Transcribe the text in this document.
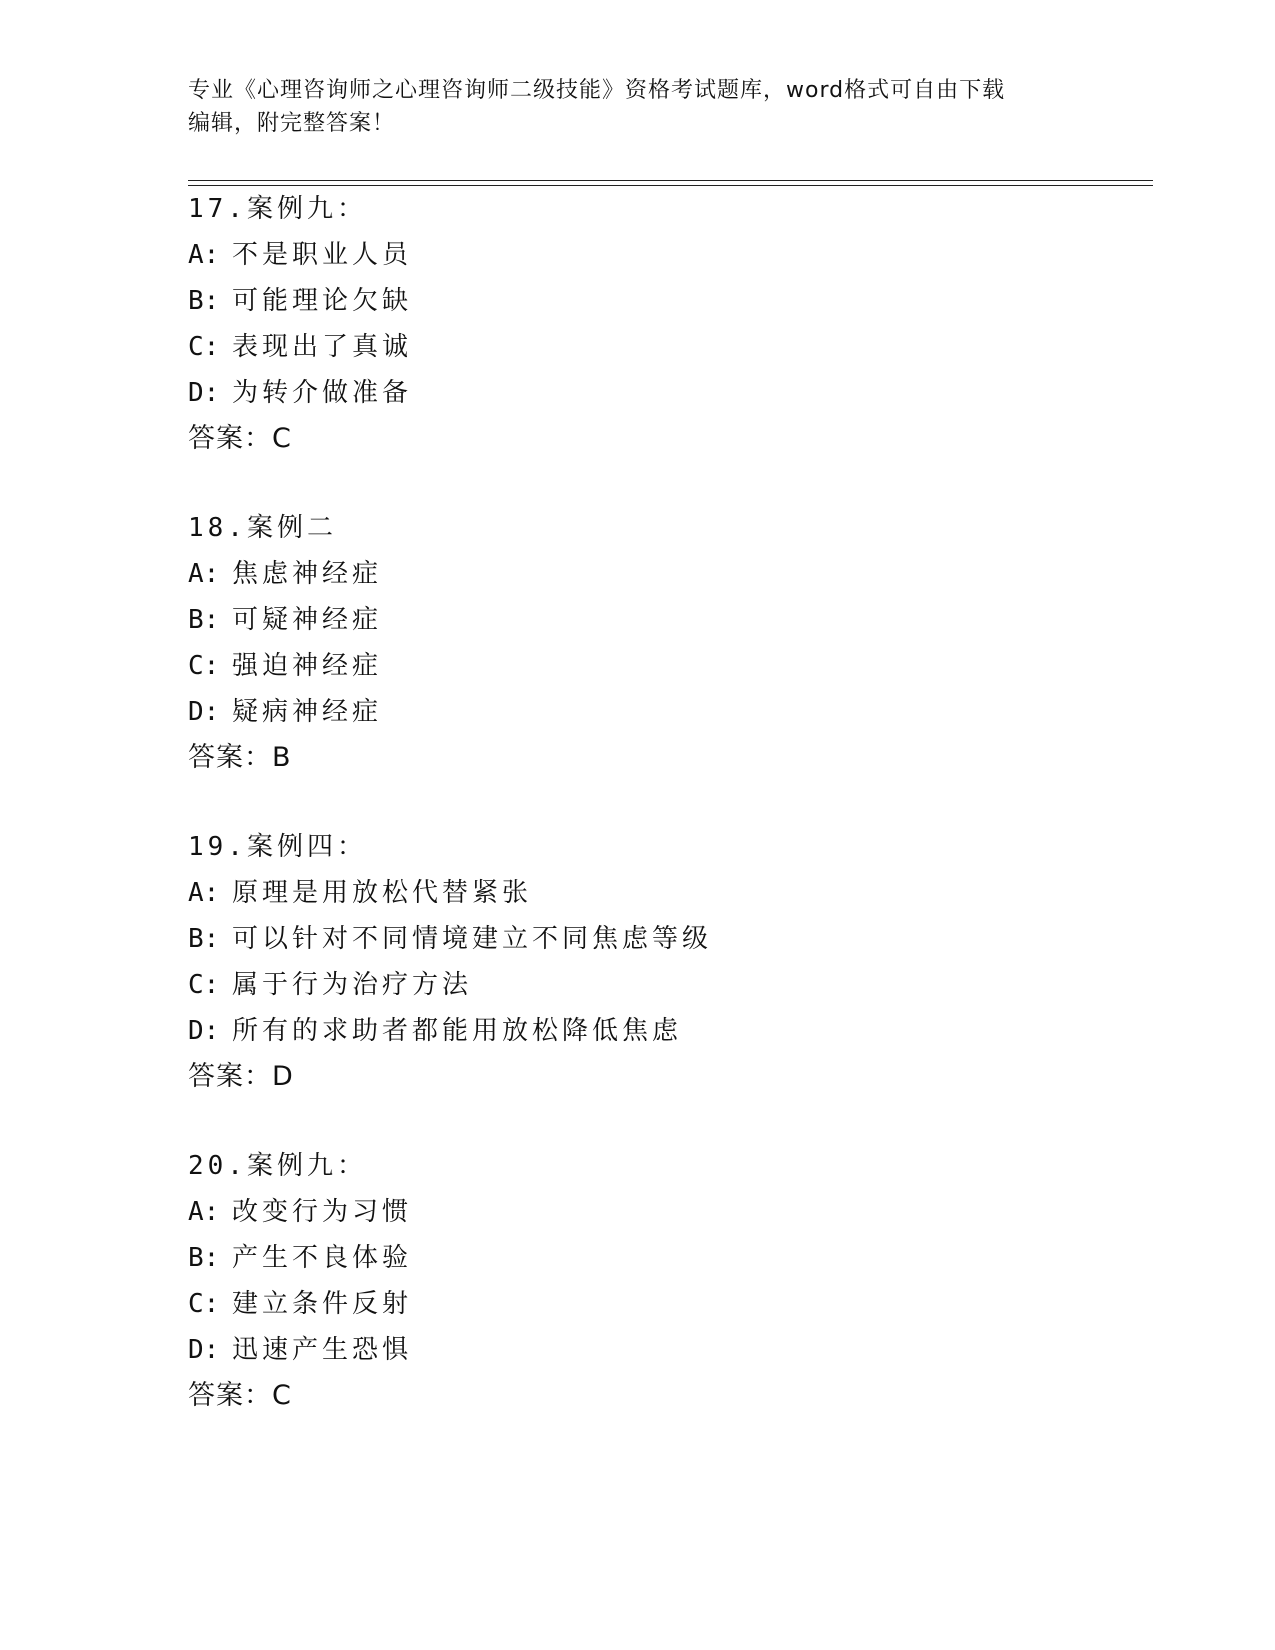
专业《心理咨询师之心理咨询师二级技能》资格考试题库，word格式可自由下载
编辑，附完整答案！
17.案例九：
A: 不是职业人员
B: 可能理论欠缺
C: 表现出了真诚
D: 为转介做准备
答案：C
18.案例二
A: 焦虑神经症
B: 可疑神经症
C: 强迫神经症
D: 疑病神经症
答案：B
19.案例四：
A: 原理是用放松代替紧张
B: 可以针对不同情境建立不同焦虑等级
C: 属于行为治疗方法
D: 所有的求助者都能用放松降低焦虑
答案：D
20.案例九：
A: 改变行为习惯
B: 产生不良体验
C: 建立条件反射
D: 迅速产生恐惧
答案：C
